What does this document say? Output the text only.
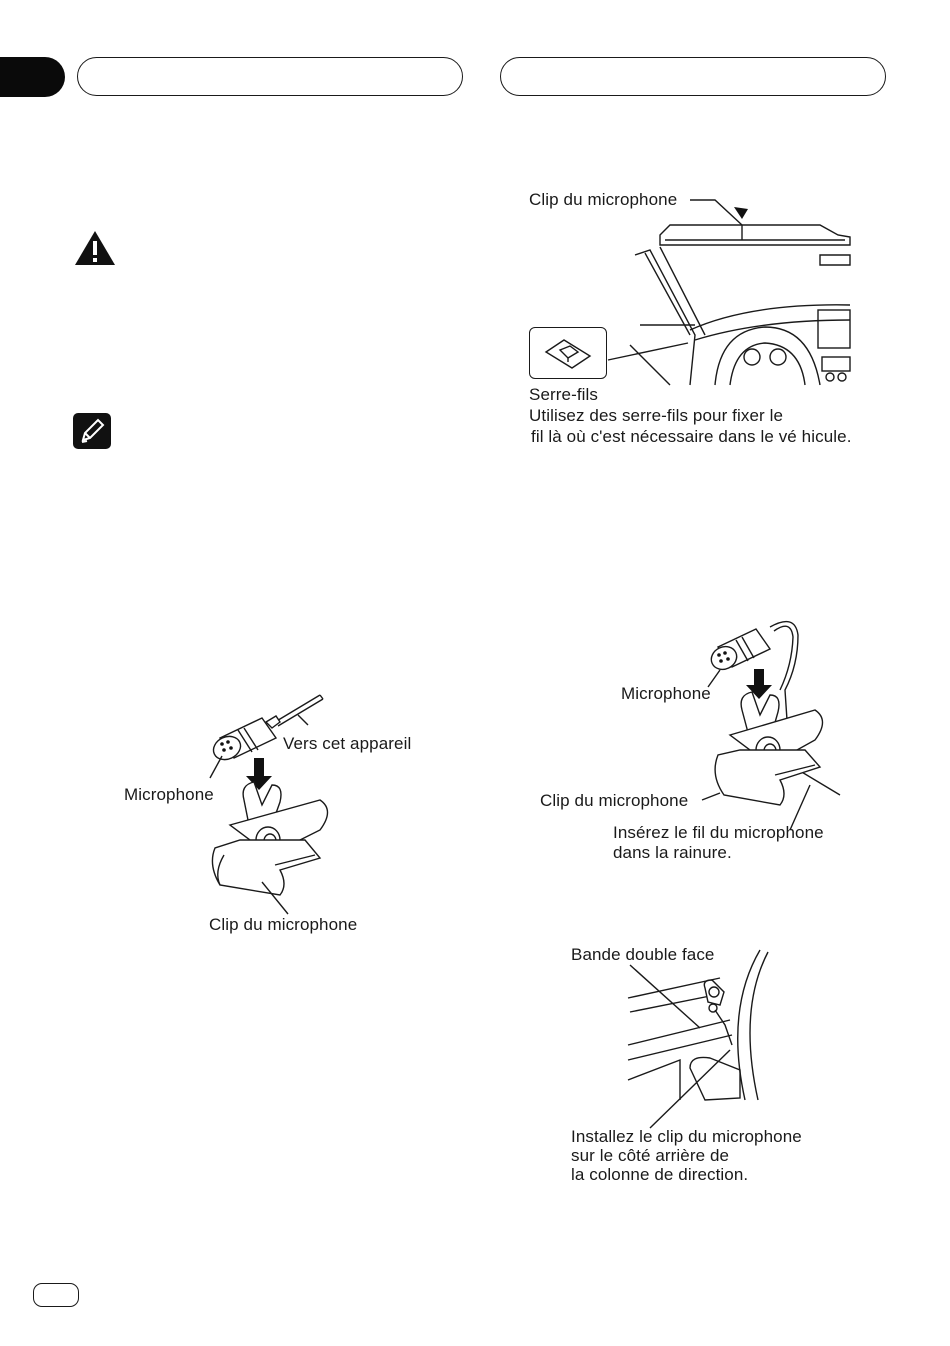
Clip du microphone
Serre-fils
Utilisez des serre-fils pour fixer le
fil là où c'est nécessaire dans le vé hicule.
Vers cet appareil
Microphone
Clip du microphone
Microphone
Clip du microphone
Insérez le fil du microphone
dans la rainure.
Bande double face
Installez le clip du microphone
sur le côté arrière de
la colonne de direction.
